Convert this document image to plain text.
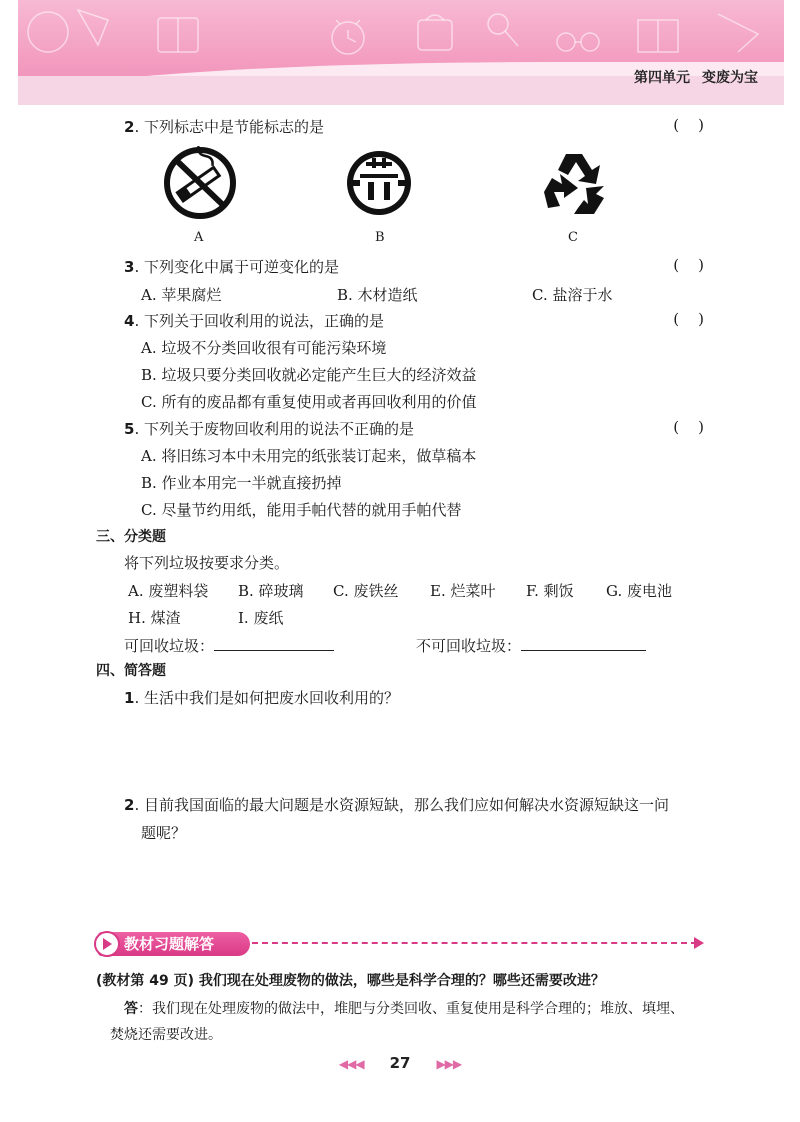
第四单元 变废为宝
2. 下列标志中是节能标志的是	(    )
A	B	C
3. 下列变化中属于可逆变化的是	(    )
A. 苹果腐烂	B. 木材造纸	C. 盐溶于水
4. 下列关于回收利用的说法，正确的是	(    )
A. 垃圾不分类回收很有可能污染环境
B. 垃圾只要分类回收就必定能产生巨大的经济效益
C. 所有的废品都有重复使用或者再回收利用的价值
5. 下列关于废物回收利用的说法不正确的是	(    )
A. 将旧练习本中未用完的纸张装订起来，做草稿本
B. 作业本用完一半就直接扔掉
C. 尽量节约用纸，能用手帕代替的就用手帕代替
三、分类题
将下列垃圾按要求分类。
A. 废塑料袋 B. 碎玻璃 C. 废铁丝 E. 烂菜叶 F. 剩饭 G. 废电池
H. 煤渣	I. 废纸
可回收垃圾：	不可回收垃圾：
四、简答题
1. 生活中我们是如何把废水回收利用的？
2. 目前我国面临的最大问题是水资源短缺，那么我们应如何解决水资源短缺这一问
题呢？
教材习题解答
(教材第 49 页) 我们现在处理废物的做法，哪些是科学合理的？哪些还需要改进？
答：我们现在处理废物的做法中，堆肥与分类回收、重复使用是科学合理的；堆放、填埋、
焚烧还需要改进。
◀◀◀ 27 ▶▶▶
